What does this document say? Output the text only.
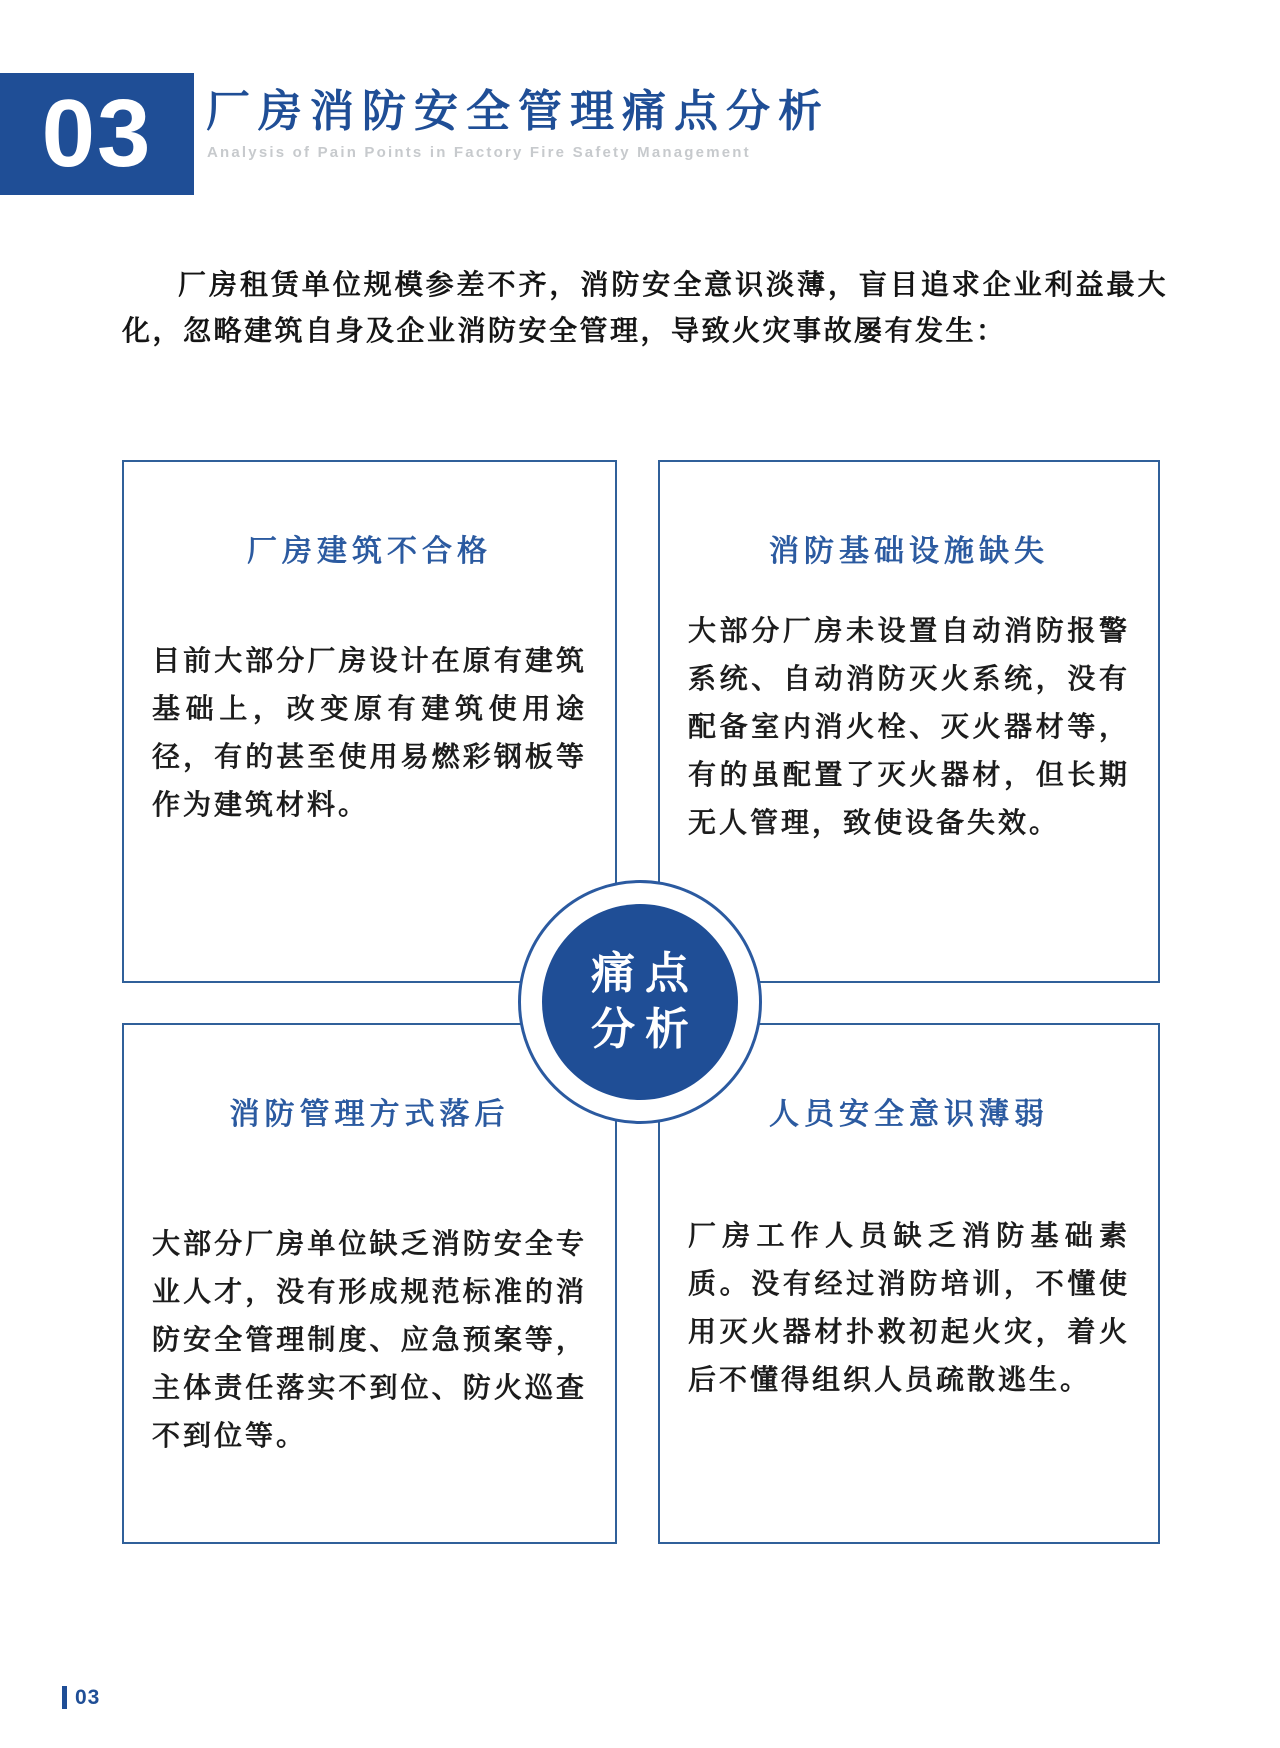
03 厂房消防安全管理痛点分析
Analysis of Pain Points in Factory Fire Safety Management

厂房租赁单位规模参差不齐，消防安全意识淡薄，盲目追求企业利益最大化，忽略建筑自身及企业消防安全管理，导致火灾事故屡有发生：

厂房建筑不合格

目前大部分厂房设计在原有建筑基础上，改变原有建筑使用途径，有的甚至使用易燃彩钢板等作为建筑材料。

消防基础设施缺失

大部分厂房未设置自动消防报警系统、自动消防灭火系统，没有配备室内消火栓、灭火器材等，有的虽配置了灭火器材，但长期无人管理，致使设备失效。

消防管理方式落后

大部分厂房单位缺乏消防安全专业人才，没有形成规范标准的消防安全管理制度、应急预案等，主体责任落实不到位、防火巡查不到位等。

人员安全意识薄弱

厂房工作人员缺乏消防基础素质。没有经过消防培训，不懂使用灭火器材扑救初起火灾，着火后不懂得组织人员疏散逃生。

痛点
分析
03
